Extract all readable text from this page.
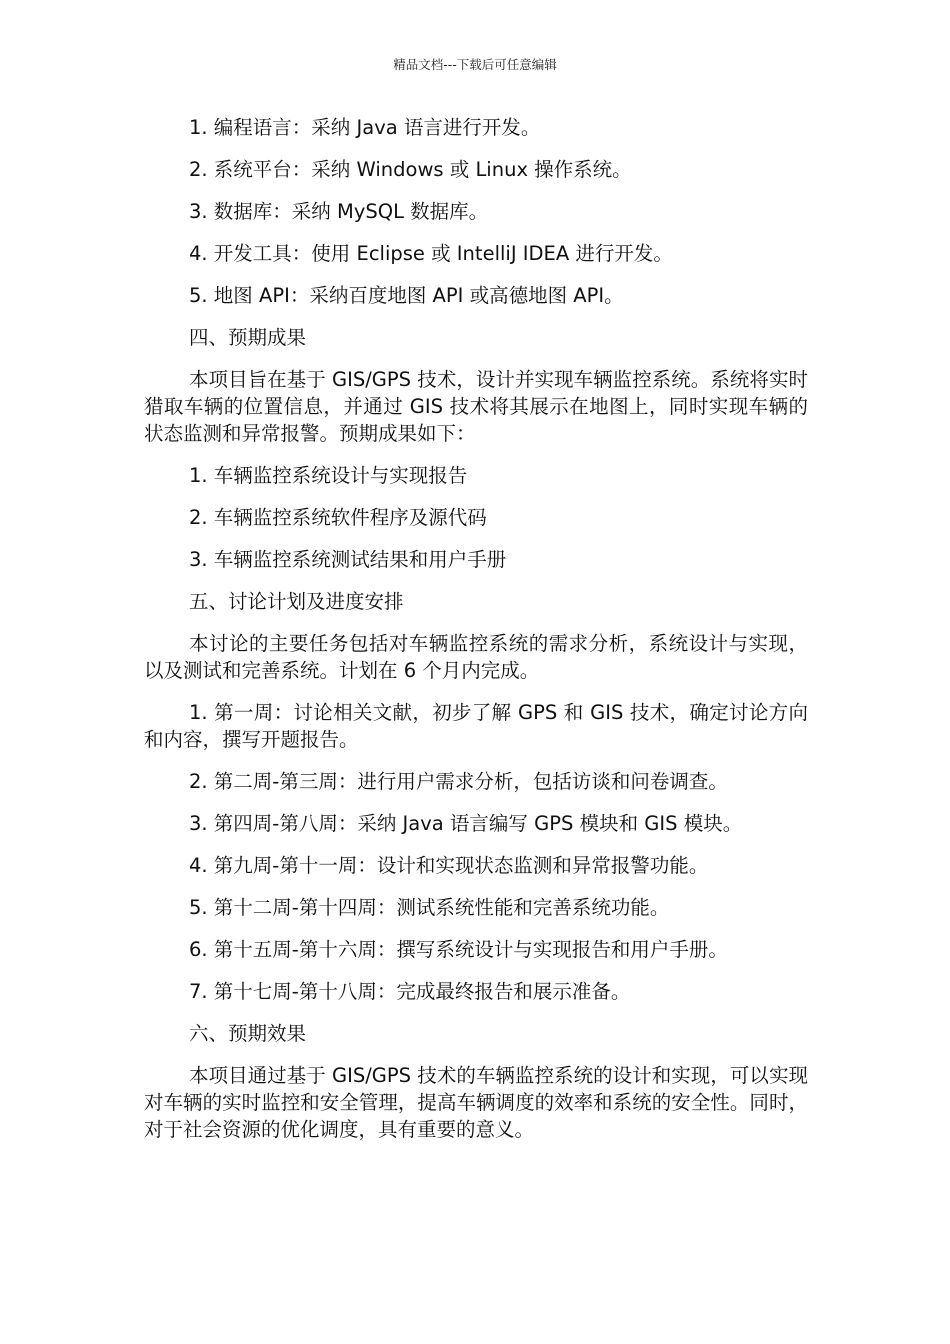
精品文档---下载后可任意编辑
1. 编程语言：采纳 Java 语言进行开发。
2. 系统平台：采纳 Windows 或 Linux 操作系统。
3. 数据库：采纳 MySQL 数据库。
4. 开发工具：使用 Eclipse 或 IntelliJ IDEA 进行开发。
5. 地图 API：采纳百度地图 API 或高德地图 API。
四、预期成果
本项目旨在基于 GIS/GPS 技术，设计并实现车辆监控系统。系统将实时猎取车辆的位置信息，并通过 GIS 技术将其展示在地图上，同时实现车辆的状态监测和异常报警。预期成果如下：
1. 车辆监控系统设计与实现报告
2. 车辆监控系统软件程序及源代码
3. 车辆监控系统测试结果和用户手册
五、讨论计划及进度安排
本讨论的主要任务包括对车辆监控系统的需求分析，系统设计与实现，以及测试和完善系统。计划在 6 个月内完成。
1. 第一周：讨论相关文献，初步了解 GPS 和 GIS 技术，确定讨论方向和内容，撰写开题报告。
2. 第二周-第三周：进行用户需求分析，包括访谈和问卷调查。
3. 第四周-第八周：采纳 Java 语言编写 GPS 模块和 GIS 模块。
4. 第九周-第十一周：设计和实现状态监测和异常报警功能。
5. 第十二周-第十四周：测试系统性能和完善系统功能。
6. 第十五周-第十六周：撰写系统设计与实现报告和用户手册。
7. 第十七周-第十八周：完成最终报告和展示准备。
六、预期效果
本项目通过基于 GIS/GPS 技术的车辆监控系统的设计和实现，可以实现对车辆的实时监控和安全管理，提高车辆调度的效率和系统的安全性。同时，对于社会资源的优化调度，具有重要的意义。
